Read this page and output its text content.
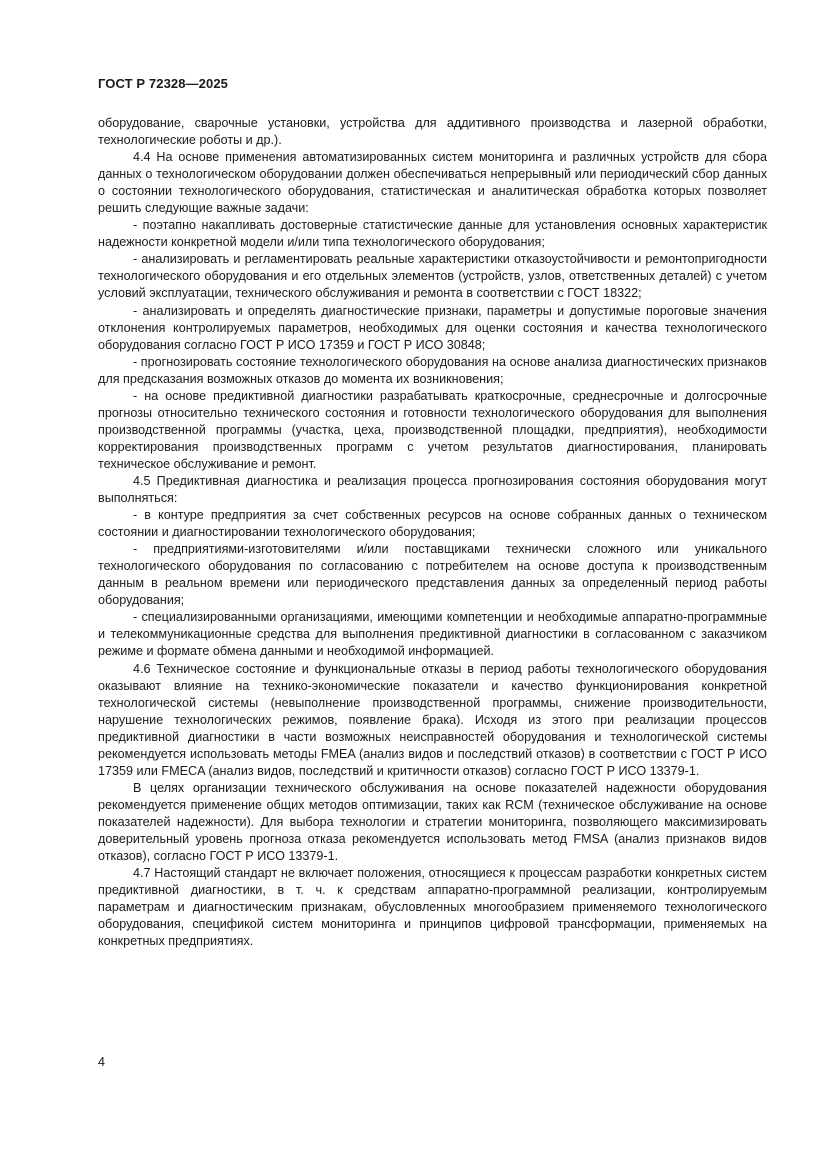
ГОСТ Р 72328—2025

оборудование, сварочные установки, устройства для аддитивного производства и лазерной обработки, технологические роботы и др.).

4.4 На основе применения автоматизированных систем мониторинга и различных устройств для сбора данных о технологическом оборудовании должен обеспечиваться непрерывный или периодический сбор данных о состоянии технологического оборудования, статистическая и аналитическая обработка которых позволяет решить следующие важные задачи:

- поэтапно накапливать достоверные статистические данные для установления основных характеристик надежности конкретной модели и/или типа технологического оборудования;

- анализировать и регламентировать реальные характеристики отказоустойчивости и ремонтопригодности технологического оборудования и его отдельных элементов (устройств, узлов, ответственных деталей) с учетом условий эксплуатации, технического обслуживания и ремонта в соответствии с ГОСТ 18322;

- анализировать и определять диагностические признаки, параметры и допустимые пороговые значения отклонения контролируемых параметров, необходимых для оценки состояния и качества технологического оборудования согласно ГОСТ Р ИСО 17359 и ГОСТ Р ИСО 30848;

- прогнозировать состояние технологического оборудования на основе анализа диагностических признаков для предсказания возможных отказов до момента их возникновения;

- на основе предиктивной диагностики разрабатывать краткосрочные, среднесрочные и долгосрочные прогнозы относительно технического состояния и готовности технологического оборудования для выполнения производственной программы (участка, цеха, производственной площадки, предприятия), необходимости корректирования производственных программ с учетом результатов диагностирования, планировать техническое обслуживание и ремонт.

4.5 Предиктивная диагностика и реализация процесса прогнозирования состояния оборудования могут выполняться:

- в контуре предприятия за счет собственных ресурсов на основе собранных данных о техническом состоянии и диагностировании технологического оборудования;

- предприятиями-изготовителями и/или поставщиками технически сложного или уникального технологического оборудования по согласованию с потребителем на основе доступа к производственным данным в реальном времени или периодического представления данных за определенный период работы оборудования;

- специализированными организациями, имеющими компетенции и необходимые аппаратно-программные и телекоммуникационные средства для выполнения предиктивной диагностики в согласованном с заказчиком режиме и формате обмена данными и необходимой информацией.

4.6 Техническое состояние и функциональные отказы в период работы технологического оборудования оказывают влияние на технико-экономические показатели и качество функционирования конкретной технологической системы (невыполнение производственной программы, снижение производительности, нарушение технологических режимов, появление брака). Исходя из этого при реализации процессов предиктивной диагностики в части возможных неисправностей оборудования и технологической системы рекомендуется использовать методы FMEA (анализ видов и последствий отказов) в соответствии с ГОСТ Р ИСО 17359 или FMECA (анализ видов, последствий и критичности отказов) согласно ГОСТ Р ИСО 13379-1.

В целях организации технического обслуживания на основе показателей надежности оборудования рекомендуется применение общих методов оптимизации, таких как RCM (техническое обслуживание на основе показателей надежности). Для выбора технологии и стратегии мониторинга, позволяющего максимизировать доверительный уровень прогноза отказа рекомендуется использовать метод FMSA (анализ признаков видов отказов), согласно ГОСТ Р ИСО 13379-1.

4.7 Настоящий стандарт не включает положения, относящиеся к процессам разработки конкретных систем предиктивной диагностики, в т. ч. к средствам аппаратно-программной реализации, контролируемым параметрам и диагностическим признакам, обусловленных многообразием применяемого технологического оборудования, спецификой систем мониторинга и принципов цифровой трансформации, применяемых на конкретных предприятиях.

4
